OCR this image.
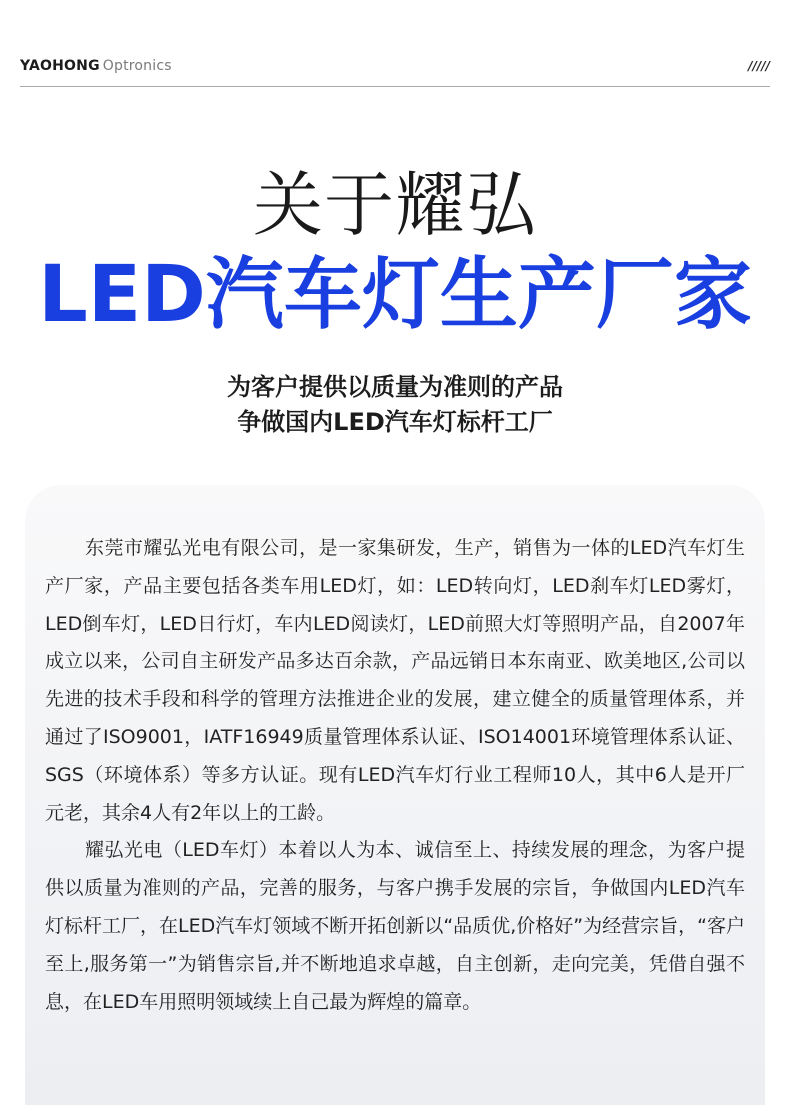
YAOHONG Optronics	/////
关于耀弘
LED汽车灯生产厂家
为客户提供以质量为准则的产品
争做国内LED汽车灯标杆工厂

东莞市耀弘光电有限公司，是一家集研发，生产，销售为一体的LED汽车灯生产厂家，产品主要包括各类车用LED灯，如：LED转向灯，LED刹车灯LED雾灯，LED倒车灯，LED日行灯，车内LED阅读灯，LED前照大灯等照明产品，自2007年成立以来，公司自主研发产品多达百余款，产品远销日本东南亚、欧美地区,公司以先进的技术手段和科学的管理方法推进企业的发展，建立健全的质量管理体系，并通过了ISO9001，IATF16949质量管理体系认证、ISO14001环境管理体系认证、SGS（环境体系）等多方认证。现有LED汽车灯行业工程师10人，其中6人是开厂元老，其余4人有2年以上的工龄。

耀弘光电（LED车灯）本着以人为本、诚信至上、持续发展的理念，为客户提供以质量为准则的产品，完善的服务，与客户携手发展的宗旨，争做国内LED汽车灯标杆工厂，在LED汽车灯领域不断开拓创新以“品质优,价格好”为经营宗旨，“客户至上,服务第一”为销售宗旨,并不断地追求卓越，自主创新，走向完美，凭借自强不息，在LED车用照明领域续上自己最为辉煌的篇章。
